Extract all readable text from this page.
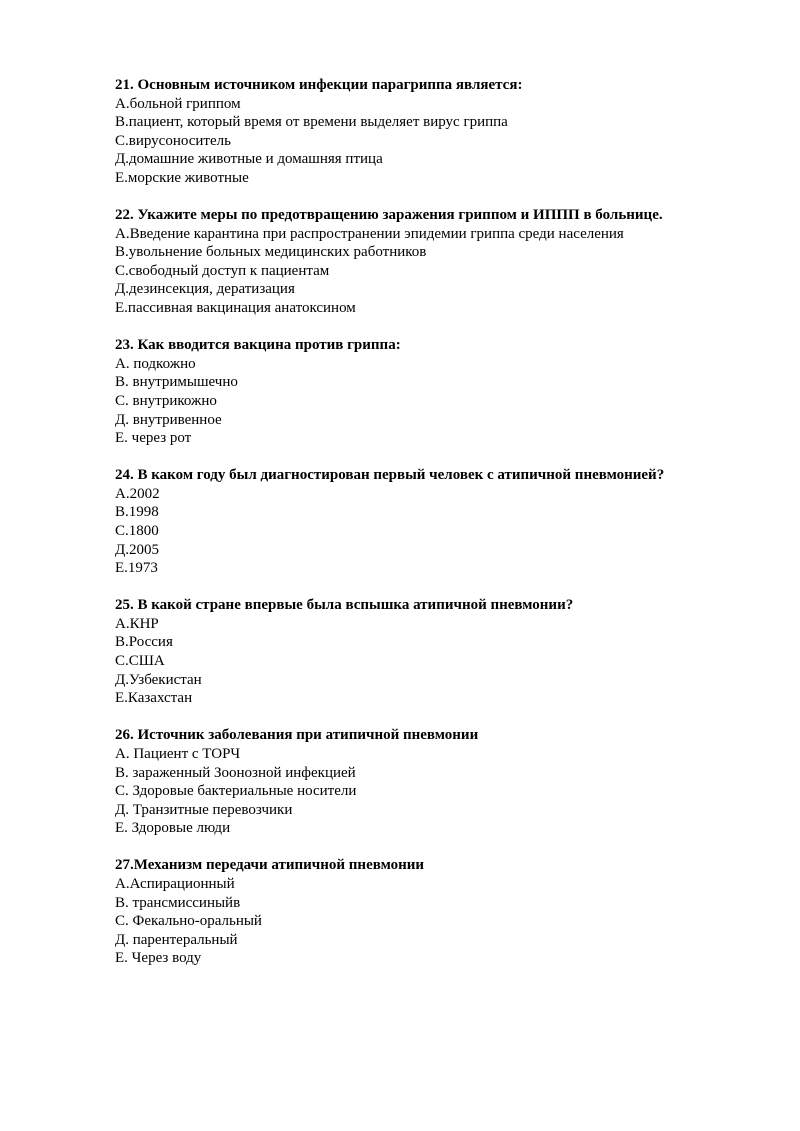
21. Основным источником инфекции парагриппа является:
А.больной гриппом
В.пациент, который время от времени выделяет вирус гриппа
С.вирусоноситель
Д.домашние животные и домашняя птица
Е.морские животные
22. Укажите меры по предотвращению заражения гриппом и ИППП в больнице.
А.Введение карантина при распространении эпидемии гриппа среди населения
В.увольнение больных медицинских работников
С.свободный доступ к пациентам
Д.дезинсекция, дератизация
Е.пассивная вакцинация анатоксином
23. Как вводится вакцина против гриппа:
А. подкожно
В. внутримышечно
С. внутрикожно
Д. внутривенное
Е. через рот
24. В каком году был диагностирован первый человек с атипичной пневмонией?
А.2002
В.1998
С.1800
Д.2005
Е.1973
25. В какой стране впервые была вспышка атипичной пневмонии?
А.КНР
В.Россия
С.США
Д.Узбекистан
Е.Казахстан
26. Источник заболевания при атипичной пневмонии
А. Пациент с ТОРЧ
В. зараженный Зоонозной инфекцией
С. Здоровые бактериальные носители
Д. Транзитные перевозчики
Е. Здоровые люди
27.Механизм передачи атипичной пневмонии
А.Аспирационный
В. трансмиссиныйв
С. Фекально-оральный
Д. парентеральный
Е. Через воду
